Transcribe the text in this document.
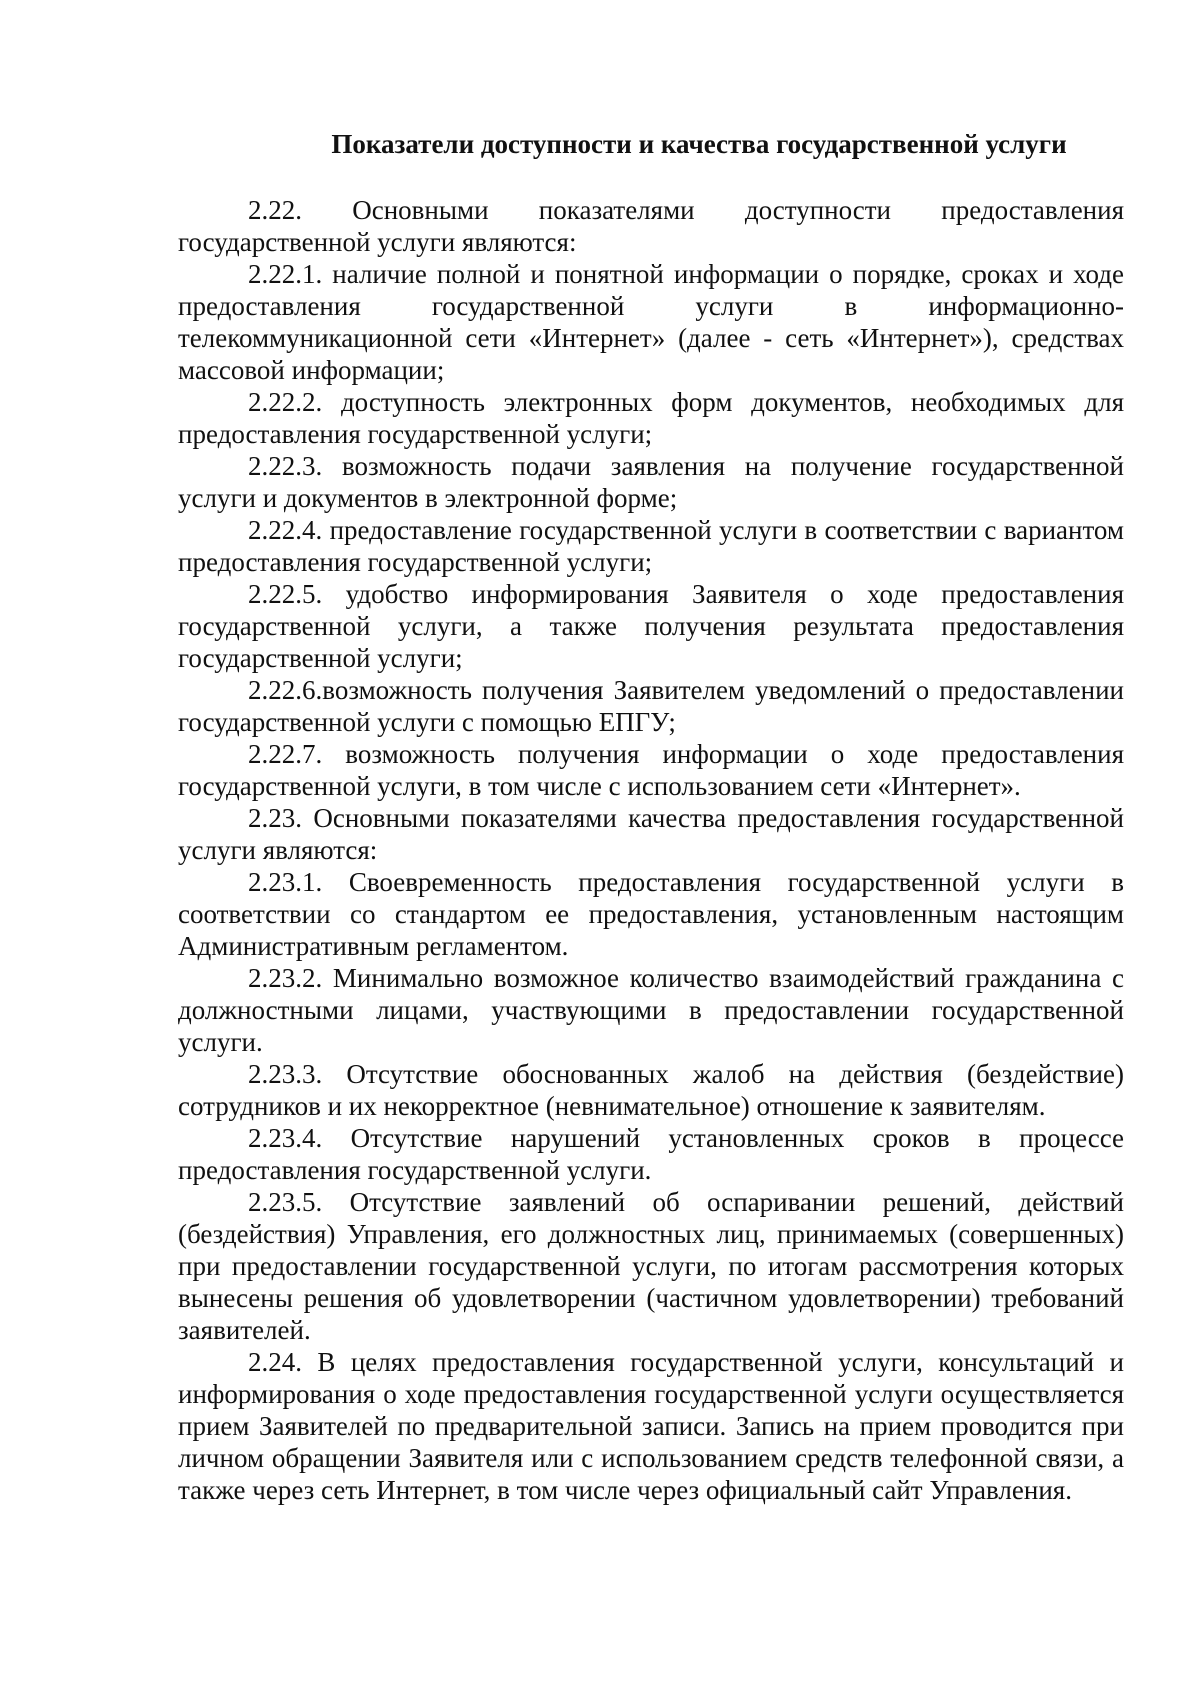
Показатели доступности и качества государственной услуги

2.22. Основными показателями доступности предоставления государственной услуги являются:

2.22.1. наличие полной и понятной информации о порядке, сроках и ходе предоставления государственной услуги в информационно-телекоммуникационной сети «Интернет» (далее - сеть «Интернет»), средствах массовой информации;

2.22.2. доступность электронных форм документов, необходимых для предоставления государственной услуги;

2.22.3. возможность подачи заявления на получение государственной услуги и документов в электронной форме;

2.22.4. предоставление государственной услуги в соответствии с вариантом предоставления государственной услуги;

2.22.5. удобство информирования Заявителя о ходе предоставления государственной услуги, а также получения результата предоставления государственной услуги;

2.22.6.возможность получения Заявителем уведомлений о предоставлении государственной услуги с помощью ЕПГУ;

2.22.7. возможность получения информации о ходе предоставления государственной услуги, в том числе с использованием сети «Интернет».

2.23. Основными показателями качества предоставления государственной услуги являются:

2.23.1. Своевременность предоставления государственной услуги в соответствии со стандартом ее предоставления, установленным настоящим Административным регламентом.

2.23.2. Минимально возможное количество взаимодействий гражданина с должностными лицами, участвующими в предоставлении государственной услуги.

2.23.3. Отсутствие обоснованных жалоб на действия (бездействие) сотрудников и их некорректное (невнимательное) отношение к заявителям.

2.23.4. Отсутствие нарушений установленных сроков в процессе предоставления государственной услуги.

2.23.5. Отсутствие заявлений об оспаривании решений, действий (бездействия) Управления, его должностных лиц, принимаемых (совершенных) при предоставлении государственной услуги, по итогам рассмотрения которых вынесены решения об удовлетворении (частичном удовлетворении) требований заявителей.

2.24. В целях предоставления государственной услуги, консультаций и информирования о ходе предоставления государственной услуги осуществляется прием Заявителей по предварительной записи. Запись на прием проводится при личном обращении Заявителя или с использованием средств телефонной связи, а также через сеть Интернет, в том числе через официальный сайт Управления.
